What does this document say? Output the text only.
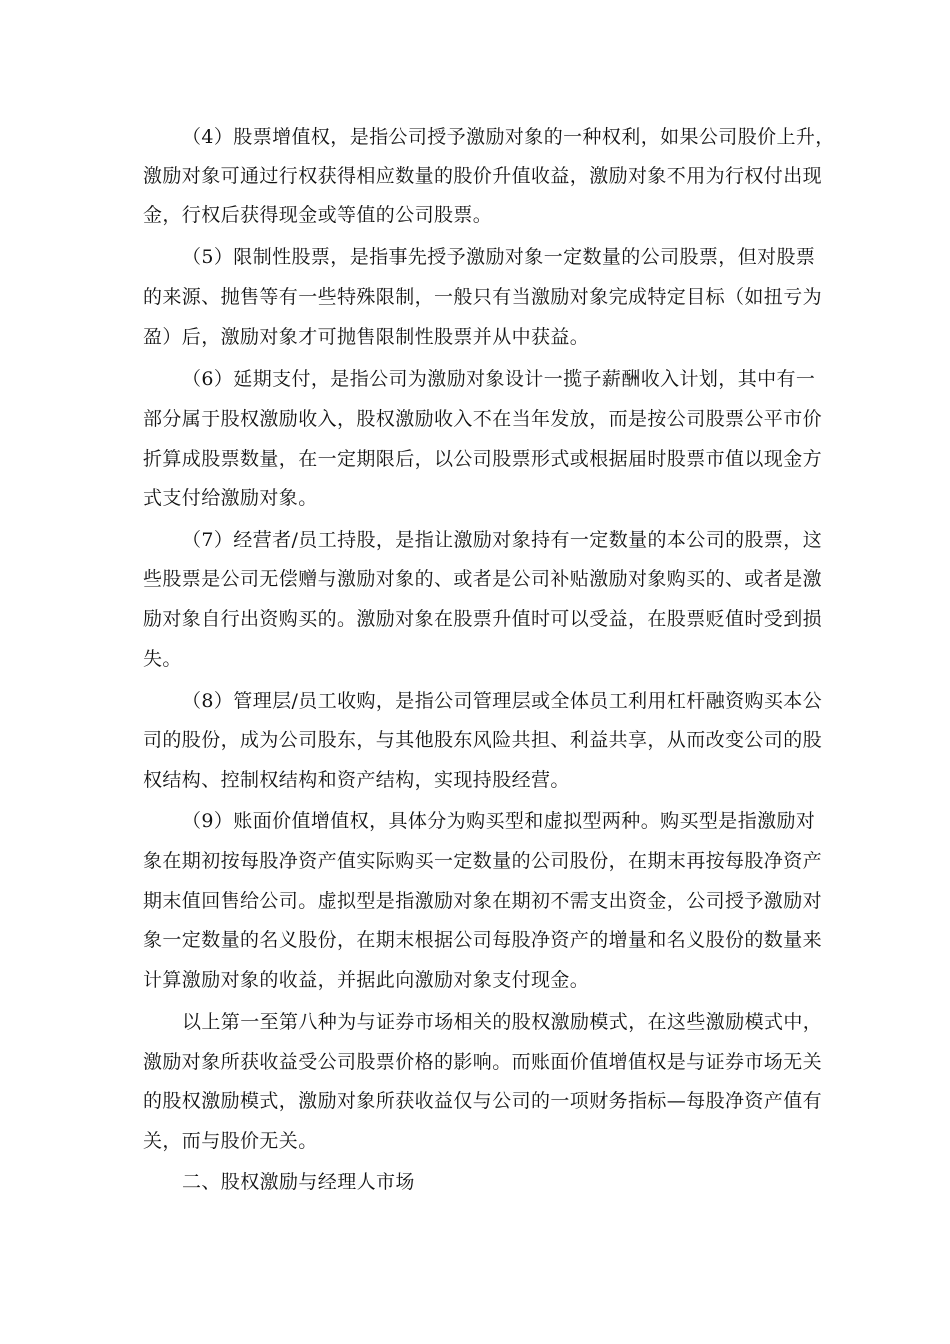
（4）股票增值权，是指公司授予激励对象的一种权利，如果公司股价上升，
激励对象可通过行权获得相应数量的股价升值收益，激励对象不用为行权付出现
金，行权后获得现金或等值的公司股票。
（5）限制性股票，是指事先授予激励对象一定数量的公司股票，但对股票
的来源、抛售等有一些特殊限制，一般只有当激励对象完成特定目标（如扭亏为
盈）后，激励对象才可抛售限制性股票并从中获益。
（6）延期支付，是指公司为激励对象设计一揽子薪酬收入计划，其中有一
部分属于股权激励收入，股权激励收入不在当年发放，而是按公司股票公平市价
折算成股票数量，在一定期限后，以公司股票形式或根据届时股票市值以现金方
式支付给激励对象。
（7）经营者/员工持股，是指让激励对象持有一定数量的本公司的股票，这
些股票是公司无偿赠与激励对象的、或者是公司补贴激励对象购买的、或者是激
励对象自行出资购买的。激励对象在股票升值时可以受益，在股票贬值时受到损
失。
（8）管理层/员工收购，是指公司管理层或全体员工利用杠杆融资购买本公
司的股份，成为公司股东，与其他股东风险共担、利益共享，从而改变公司的股
权结构、控制权结构和资产结构，实现持股经营。
（9）账面价值增值权，具体分为购买型和虚拟型两种。购买型是指激励对
象在期初按每股净资产值实际购买一定数量的公司股份，在期末再按每股净资产
期末值回售给公司。虚拟型是指激励对象在期初不需支出资金，公司授予激励对
象一定数量的名义股份，在期末根据公司每股净资产的增量和名义股份的数量来
计算激励对象的收益，并据此向激励对象支付现金。
以上第一至第八种为与证券市场相关的股权激励模式，在这些激励模式中，
激励对象所获收益受公司股票价格的影响。而账面价值增值权是与证券市场无关
的股权激励模式，激励对象所获收益仅与公司的一项财务指标—每股净资产值有
关，而与股价无关。
二、股权激励与经理人市场
